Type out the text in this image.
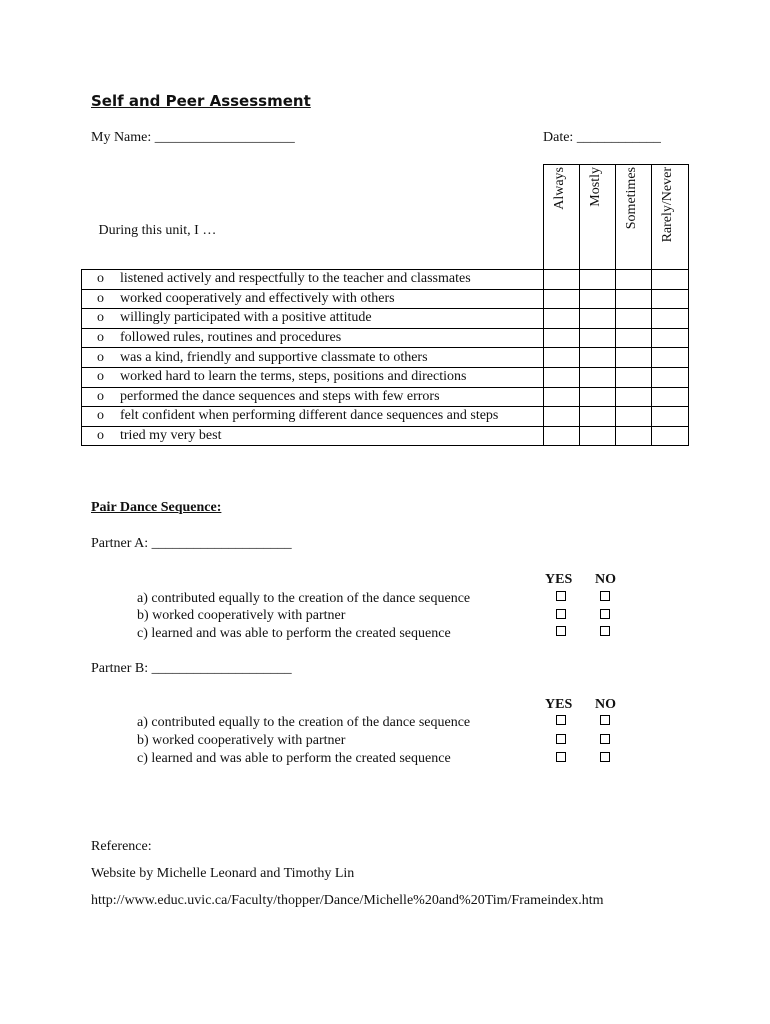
Self and Peer Assessment
My Name: ____________________	Date: ____________
During this unit, I …	Always	Mostly	Sometimes	Rarely/Never

o listened actively and respectfully to the teacher and classmates				

o worked cooperatively and effectively with others				

o willingly participated with a positive attitude				

o followed rules, routines and procedures				

o was a kind, friendly and supportive classmate to others				

o worked hard to learn the terms, steps, positions and directions				

o performed the dance sequences and steps with few errors				

o felt confident when performing different dance sequences and steps				

o tried my very best				

Pair Dance Sequence:
Partner A: ____________________
YES NO
a) contributed equally to the creation of the dance sequence
b) worked cooperatively with partner
c) learned and was able to perform the created sequence
Partner B: ____________________
YES NO
a) contributed equally to the creation of the dance sequence
b) worked cooperatively with partner
c) learned and was able to perform the created sequence
Reference:
Website by Michelle Leonard and Timothy Lin
http://www.educ.uvic.ca/Faculty/thopper/Dance/Michelle%20and%20Tim/Frameindex.htm
